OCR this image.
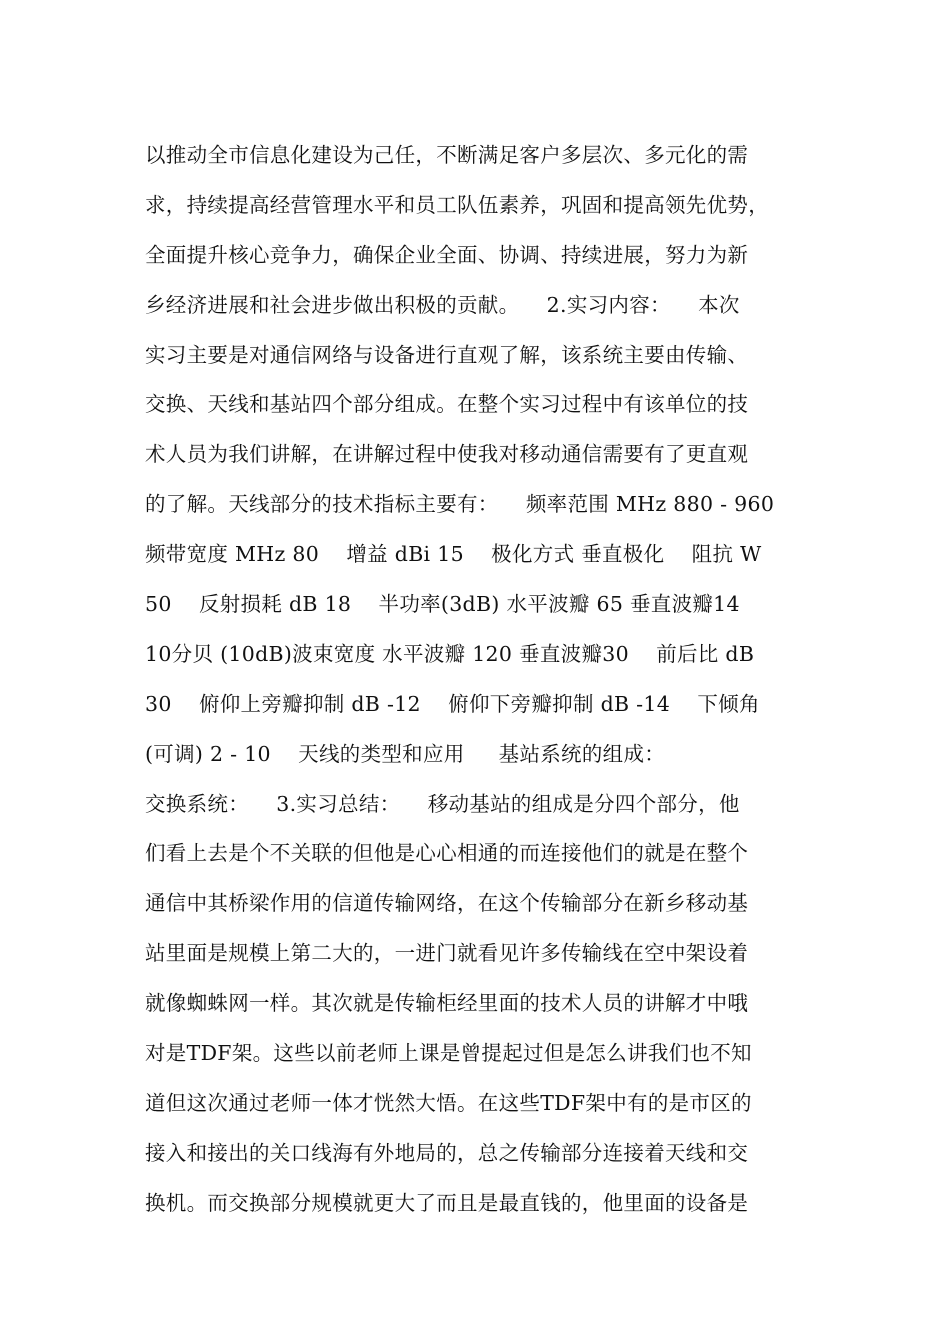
以推动全市信息化建设为己任，不断满足客户多层次、多元化的需
求，持续提高经营管理水平和员工队伍素养，巩固和提高领先优势，
全面提升核心竞争力，确保企业全面、协调、持续进展，努力为新
乡经济进展和社会进步做出积极的贡献。    2.实习内容：    本次
实习主要是对通信网络与设备进行直观了解，该系统主要由传输、
交换、天线和基站四个部分组成。在整个实习过程中有该单位的技
术人员为我们讲解，在讲解过程中使我对移动通信需要有了更直观
的了解。天线部分的技术指标主要有：    频率范围 MHz 880 - 960
频带宽度 MHz 80    增益 dBi 15    极化方式 垂直极化    阻抗 W
50    反射损耗 dB 18    半功率(3dB) 水平波瓣 65 垂直波瓣14
10分贝 (10dB)波束宽度 水平波瓣 120 垂直波瓣30    前后比 dB
30    俯仰上旁瓣抑制 dB -12    俯仰下旁瓣抑制 dB -14    下倾角
(可调) 2 - 10    天线的类型和应用     基站系统的组成：
交换系统：    3.实习总结：    移动基站的组成是分四个部分，他
们看上去是个不关联的但他是心心相通的而连接他们的就是在整个
通信中其桥梁作用的信道传输网络，在这个传输部分在新乡移动基
站里面是规模上第二大的，一进门就看见许多传输线在空中架设着
就像蜘蛛网一样。其次就是传输柜经里面的技术人员的讲解才中哦
对是TDF架。这些以前老师上课是曾提起过但是怎么讲我们也不知
道但这次通过老师一体才恍然大悟。在这些TDF架中有的是市区的
接入和接出的关口线海有外地局的，总之传输部分连接着天线和交
换机。而交换部分规模就更大了而且是最直钱的，他里面的设备是
